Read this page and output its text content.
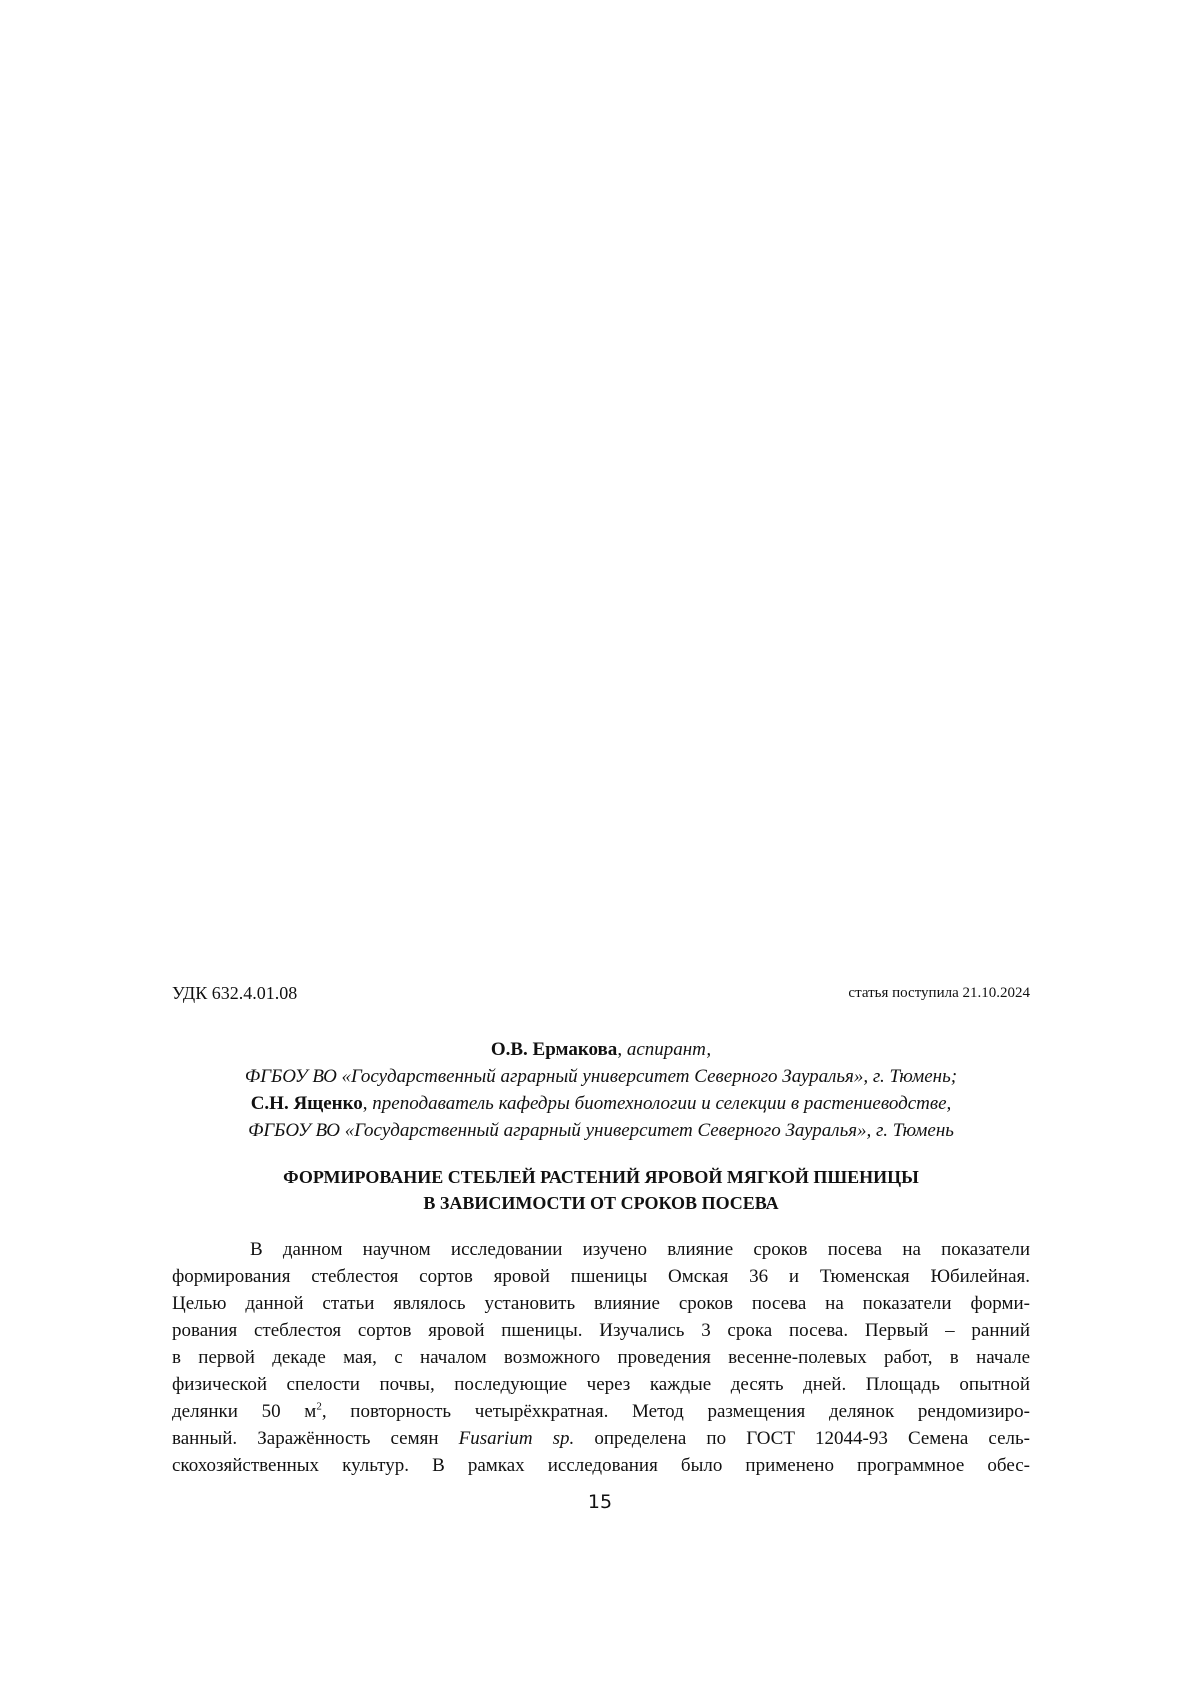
УДК 632.4.01.08	статья поступила 21.10.2024
О.В. Ермакова, аспирант,
ФГБОУ ВО «Государственный аграрный университет Северного Зауралья», г. Тюмень;
С.Н. Ященко, преподаватель кафедры биотехнологии и селекции в растениеводстве,
ФГБОУ ВО «Государственный аграрный университет Северного Зауралья», г. Тюмень
ФОРМИРОВАНИЕ СТЕБЛЕЙ РАСТЕНИЙ ЯРОВОЙ МЯГКОЙ ПШЕНИЦЫ
В ЗАВИСИМОСТИ ОТ СРОКОВ ПОСЕВА
В данном научном исследовании изучено влияние сроков посева на показатели
формирования стеблестоя сортов яровой пшеницы Омская 36 и Тюменская Юбилейная.
Целью данной статьи являлось установить влияние сроков посева на показатели форми-
рования стеблестоя сортов яровой пшеницы. Изучались 3 срока посева. Первый – ранний
в первой декаде мая, с началом возможного проведения весенне-полевых работ, в начале
физической спелости почвы, последующие через каждые десять дней. Площадь опытной
делянки 50 $м^2$, повторность четырёхкратная. Метод размещения делянок рендомизиро-
ванный. Заражённость семян Fusarium sp. определена по ГОСТ 12044-93 Семена сель-
скохозяйственных культур. В рамках исследования было применено программное обес-
15
